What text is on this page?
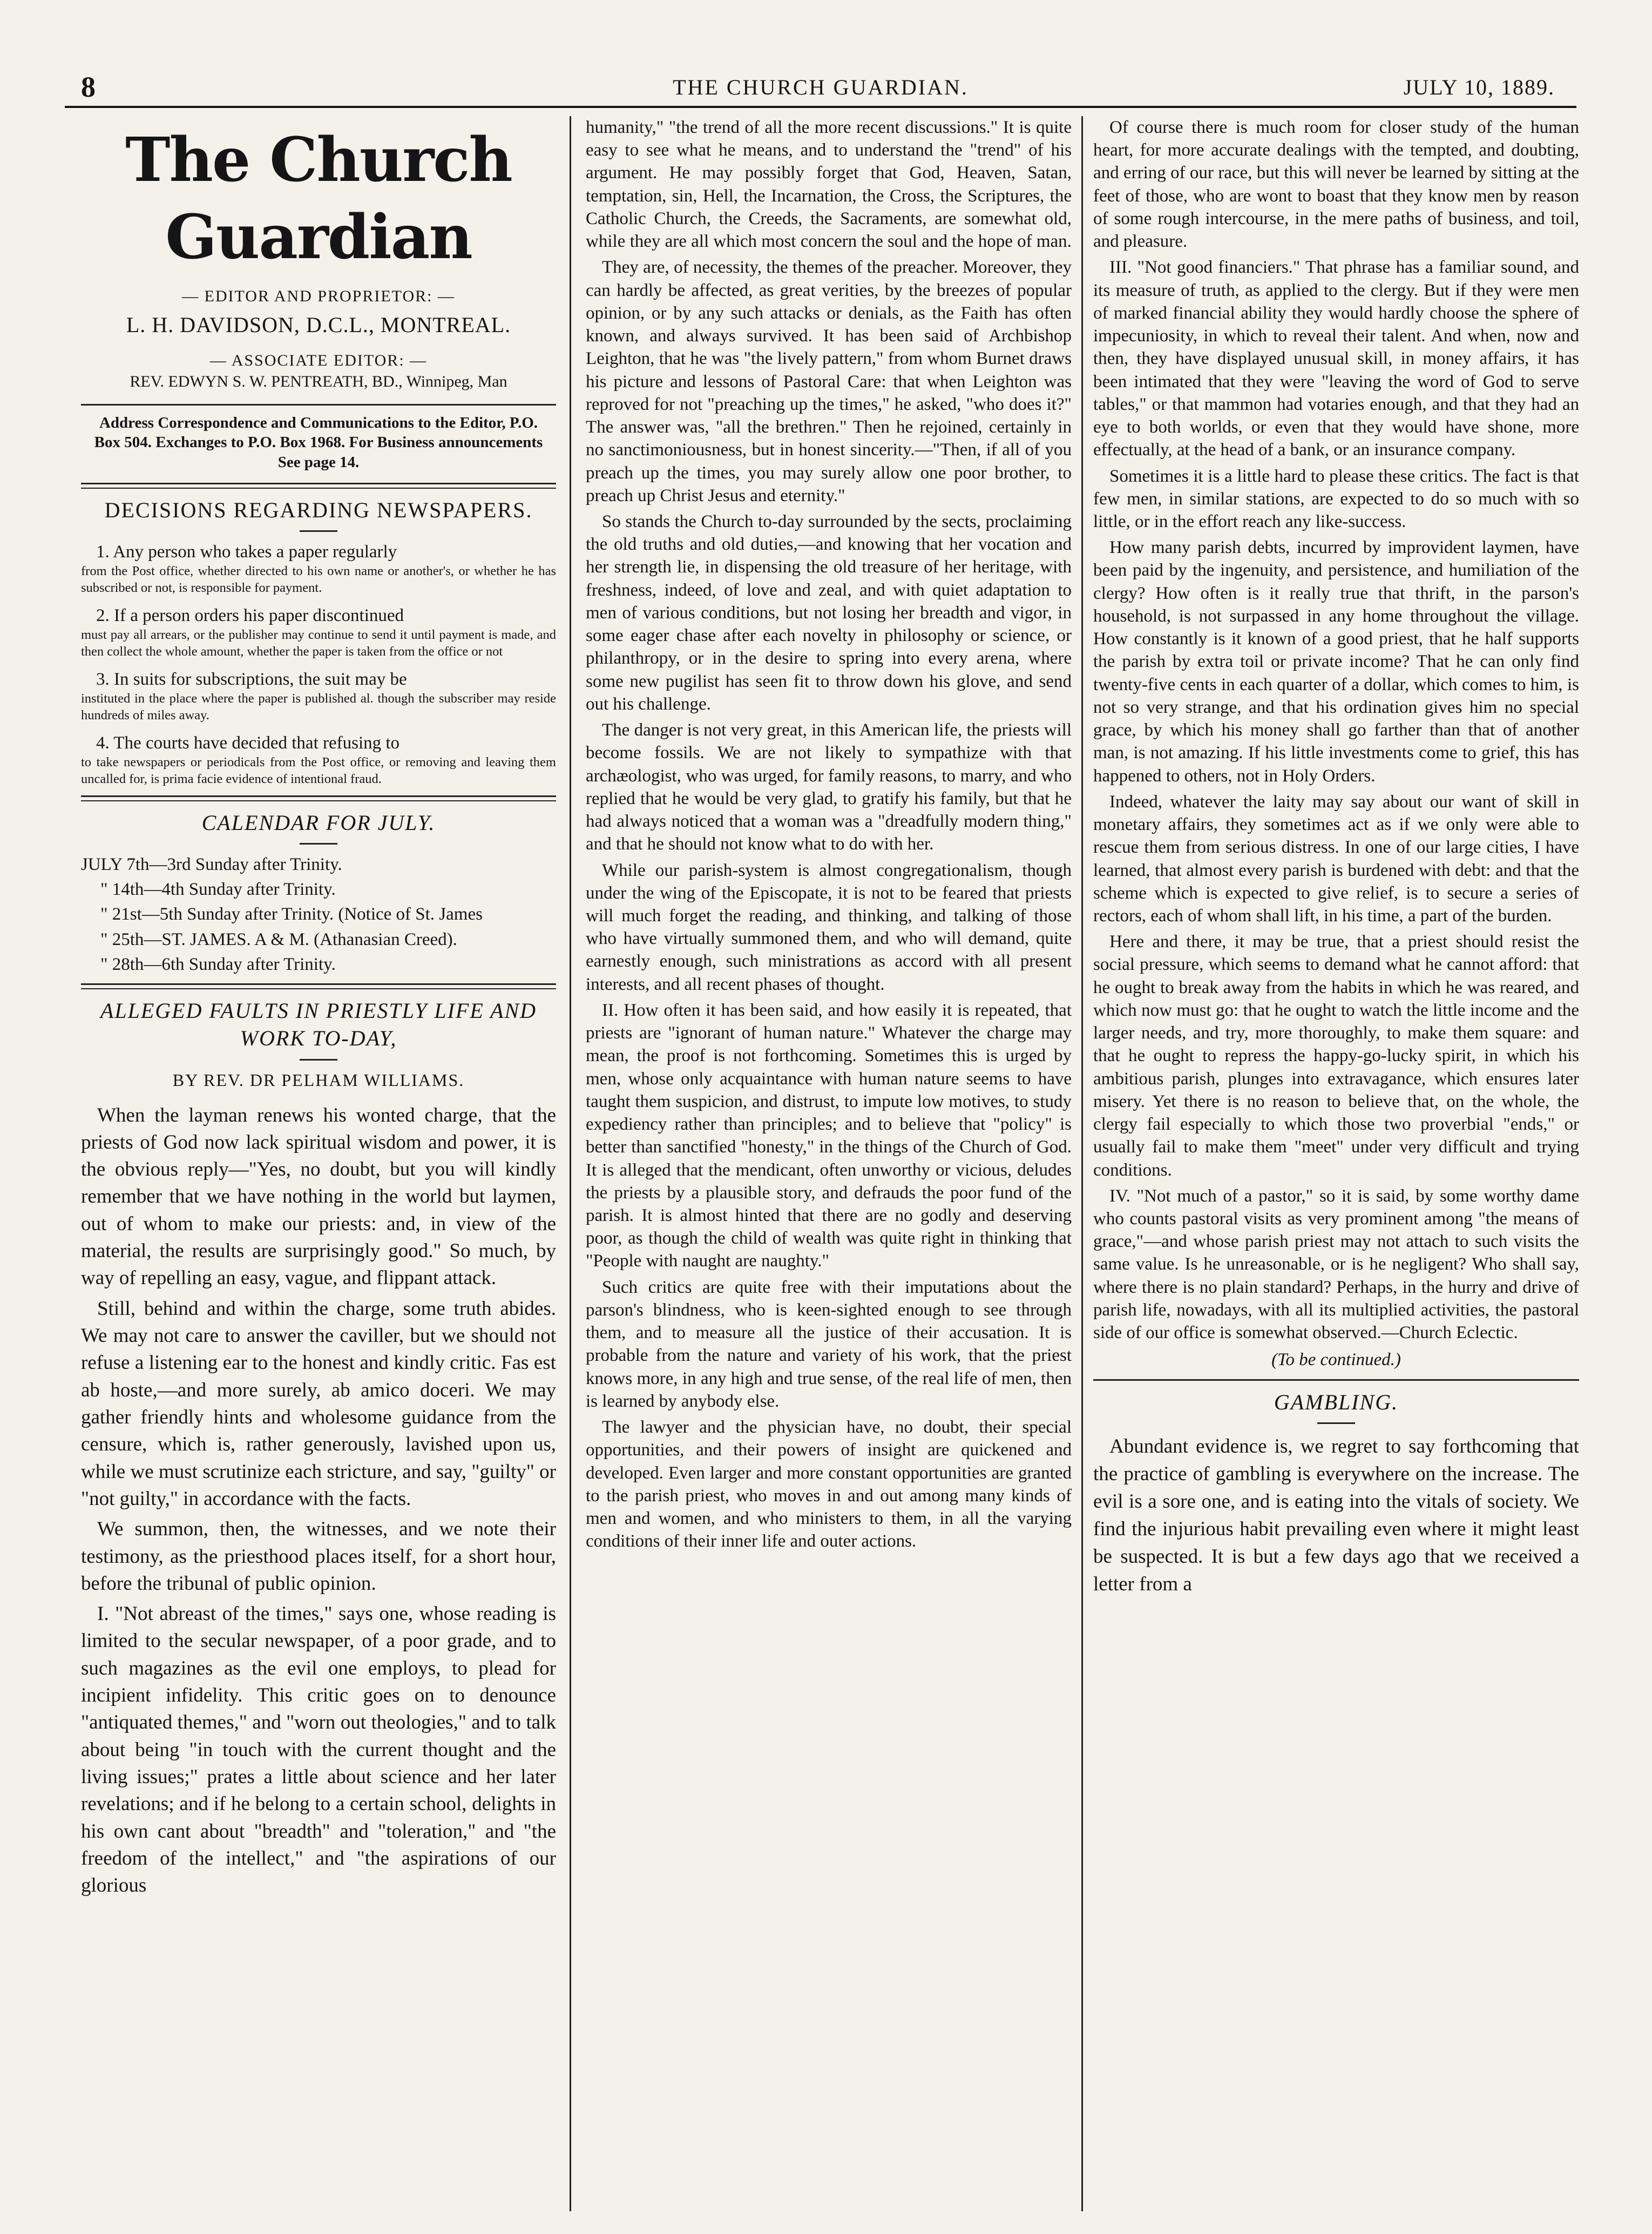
8	THE CHURCH GUARDIAN.	JULY 10, 1889.
The Church Guardian
— EDITOR AND PROPRIETOR: —
L. H. DAVIDSON, D.C.L., MONTREAL.
— ASSOCIATE EDITOR: —
REV. EDWYN S. W. PENTREATH, BD., Winnipeg, Man
Address Correspondence and Communications to the Editor, P.O. Box 504. Exchanges to P.O. Box 1968. For Business announcements See page 14.
DECISIONS REGARDING NEWSPAPERS.
1. Any person who takes a paper regularly
from the Post office, whether directed to his own name or another's, or whether he has subscribed or not, is responsible for payment.
2. If a person orders his paper discontinued
must pay all arrears, or the publisher may continue to send it until payment is made, and then collect the whole amount, whether the paper is taken from the office or not
3. In suits for subscriptions, the suit may be
instituted in the place where the paper is published al. though the subscriber may reside hundreds of miles away.
4. The courts have decided that refusing to
to take newspapers or periodicals from the Post office, or removing and leaving them uncalled for, is prima facie evidence of intentional fraud.
CALENDAR FOR JULY.
JULY 7th—3rd Sunday after Trinity.
" 14th—4th Sunday after Trinity.
" 21st—5th Sunday after Trinity. (Notice of St. James
" 25th—ST. JAMES. A & M. (Athanasian Creed).
" 28th—6th Sunday after Trinity.
ALLEGED FAULTS IN PRIESTLY LIFE AND WORK TO-DAY,
BY REV. DR PELHAM WILLIAMS.

When the layman renews his wonted charge, that the priests of God now lack spiritual wisdom and power, it is the obvious reply—"Yes, no doubt, but you will kindly remember that we have nothing in the world but laymen, out of whom to make our priests: and, in view of the material, the results are surprisingly good." So much, by way of repelling an easy, vague, and flippant attack.

Still, behind and within the charge, some truth abides. We may not care to answer the caviller, but we should not refuse a listening ear to the honest and kindly critic. Fas est ab hoste,—and more surely, ab amico doceri. We may gather friendly hints and wholesome guidance from the censure, which is, rather generously, lavished upon us, while we must scrutinize each stricture, and say, "guilty" or "not guilty," in accordance with the facts.

We summon, then, the witnesses, and we note their testimony, as the priesthood places itself, for a short hour, before the tribunal of public opinion.

I. "Not abreast of the times," says one, whose reading is limited to the secular newspaper, of a poor grade, and to such magazines as the evil one employs, to plead for incipient infidelity. This critic goes on to denounce "antiquated themes," and "worn out theologies," and to talk about being "in touch with the current thought and the living issues;" prates a little about science and her later revelations; and if he belong to a certain school, delights in his own cant about "breadth" and "toleration," and "the freedom of the intellect," and "the aspirations of our glorious

humanity," "the trend of all the more recent discussions." It is quite easy to see what he means, and to understand the "trend" of his argument. He may possibly forget that God, Heaven, Satan, temptation, sin, Hell, the Incarnation, the Cross, the Scriptures, the Catholic Church, the Creeds, the Sacraments, are somewhat old, while they are all which most concern the soul and the hope of man.

They are, of necessity, the themes of the preacher. Moreover, they can hardly be affected, as great verities, by the breezes of popular opinion, or by any such attacks or denials, as the Faith has often known, and always survived. It has been said of Archbishop Leighton, that he was "the lively pattern," from whom Burnet draws his picture and lessons of Pastoral Care: that when Leighton was reproved for not "preaching up the times," he asked, "who does it?" The answer was, "all the brethren." Then he rejoined, certainly in no sanctimoniousness, but in honest sincerity.—"Then, if all of you preach up the times, you may surely allow one poor brother, to preach up Christ Jesus and eternity."

So stands the Church to-day surrounded by the sects, proclaiming the old truths and old duties,—and knowing that her vocation and her strength lie, in dispensing the old treasure of her heritage, with freshness, indeed, of love and zeal, and with quiet adaptation to men of various conditions, but not losing her breadth and vigor, in some eager chase after each novelty in philosophy or science, or philanthropy, or in the desire to spring into every arena, where some new pugilist has seen fit to throw down his glove, and send out his challenge.

The danger is not very great, in this American life, the priests will become fossils. We are not likely to sympathize with that archæologist, who was urged, for family reasons, to marry, and who replied that he would be very glad, to gratify his family, but that he had always noticed that a woman was a "dreadfully modern thing," and that he should not know what to do with her.

While our parish-system is almost congregationalism, though under the wing of the Episcopate, it is not to be feared that priests will much forget the reading, and thinking, and talking of those who have virtually summoned them, and who will demand, quite earnestly enough, such ministrations as accord with all present interests, and all recent phases of thought.

II. How often it has been said, and how easily it is repeated, that priests are "ignorant of human nature." Whatever the charge may mean, the proof is not forthcoming. Sometimes this is urged by men, whose only acquaintance with human nature seems to have taught them suspicion, and distrust, to impute low motives, to study expediency rather than principles; and to believe that "policy" is better than sanctified "honesty," in the things of the Church of God. It is alleged that the mendicant, often unworthy or vicious, deludes the priests by a plausible story, and defrauds the poor fund of the parish. It is almost hinted that there are no godly and deserving poor, as though the child of wealth was quite right in thinking that "People with naught are naughty."

Such critics are quite free with their imputations about the parson's blindness, who is keen-sighted enough to see through them, and to measure all the justice of their accusation. It is probable from the nature and variety of his work, that the priest knows more, in any high and true sense, of the real life of men, then is learned by anybody else.

The lawyer and the physician have, no doubt, their special opportunities, and their powers of insight are quickened and developed. Even larger and more constant opportunities are granted to the parish priest, who moves in and out among many kinds of men and women, and who ministers to them, in all the varying conditions of their inner life and outer actions.

Of course there is much room for closer study of the human heart, for more accurate dealings with the tempted, and doubting, and erring of our race, but this will never be learned by sitting at the feet of those, who are wont to boast that they know men by reason of some rough intercourse, in the mere paths of business, and toil, and pleasure.

III. "Not good financiers." That phrase has a familiar sound, and its measure of truth, as applied to the clergy. But if they were men of marked financial ability they would hardly choose the sphere of impecuniosity, in which to reveal their talent. And when, now and then, they have displayed unusual skill, in money affairs, it has been intimated that they were "leaving the word of God to serve tables," or that mammon had votaries enough, and that they had an eye to both worlds, or even that they would have shone, more effectually, at the head of a bank, or an insurance company.

Sometimes it is a little hard to please these critics. The fact is that few men, in similar stations, are expected to do so much with so little, or in the effort reach any like-success.

How many parish debts, incurred by improvident laymen, have been paid by the ingenuity, and persistence, and humiliation of the clergy? How often is it really true that thrift, in the parson's household, is not surpassed in any home throughout the village. How constantly is it known of a good priest, that he half supports the parish by extra toil or private income? That he can only find twenty-five cents in each quarter of a dollar, which comes to him, is not so very strange, and that his ordination gives him no special grace, by which his money shall go farther than that of another man, is not amazing. If his little investments come to grief, this has happened to others, not in Holy Orders.

Indeed, whatever the laity may say about our want of skill in monetary affairs, they sometimes act as if we only were able to rescue them from serious distress. In one of our large cities, I have learned, that almost every parish is burdened with debt: and that the scheme which is expected to give relief, is to secure a series of rectors, each of whom shall lift, in his time, a part of the burden.

Here and there, it may be true, that a priest should resist the social pressure, which seems to demand what he cannot afford: that he ought to break away from the habits in which he was reared, and which now must go: that he ought to watch the little income and the larger needs, and try, more thoroughly, to make them square: and that he ought to repress the happy-go-lucky spirit, in which his ambitious parish, plunges into extravagance, which ensures later misery. Yet there is no reason to believe that, on the whole, the clergy fail especially to which those two proverbial "ends," or usually fail to make them "meet" under very difficult and trying conditions.

IV. "Not much of a pastor," so it is said, by some worthy dame who counts pastoral visits as very prominent among "the means of grace,"—and whose parish priest may not attach to such visits the same value. Is he unreasonable, or is he negligent? Who shall say, where there is no plain standard? Perhaps, in the hurry and drive of parish life, nowadays, with all its multiplied activities, the pastoral side of our office is somewhat observed.—Church Eclectic.

(To be continued.)
GAMBLING.

Abundant evidence is, we regret to say forthcoming that the practice of gambling is everywhere on the increase. The evil is a sore one, and is eating into the vitals of society. We find the injurious habit prevailing even where it might least be suspected. It is but a few days ago that we received a letter from a
